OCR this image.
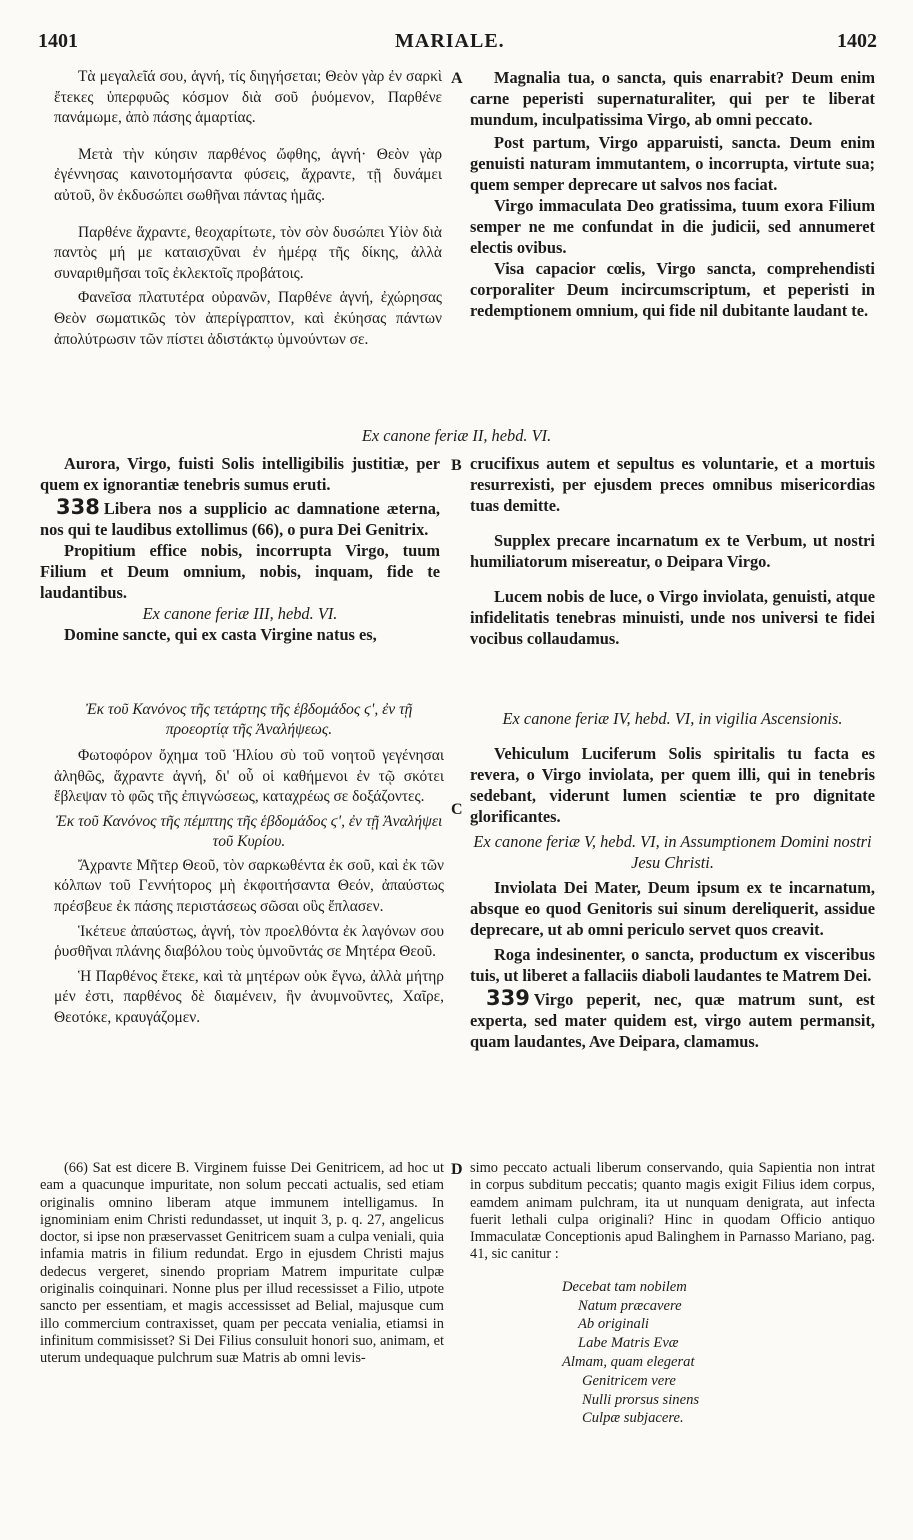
1401	MARIALE.	1402

Τὰ μεγαλεῖά σου, ἁγνή, τίς διηγήσεται; Θεὸν γὰρ ἐν σαρκὶ ἔτεκες ὑπερφυῶς κόσμον διὰ σοῦ ῥυόμενον, Παρθένε πανάμωμε, ἀπὸ πάσης ἁμαρτίας.

Μετὰ τὴν κύησιν παρθένος ὤφθης, ἁγνή· Θεὸν γὰρ ἐγέννησας καινοτομήσαντα φύσεις, ἄχραντε, τῇ δυνάμει αὐτοῦ, ὃν ἐκδυσώπει σωθῆναι πάντας ἡμᾶς.

Παρθένε ἄχραντε, θεοχαρίτωτε, τὸν σὸν δυσώπει Υἱὸν διὰ παντὸς μή με καταισχῦναι ἐν ἡμέρᾳ τῆς δίκης, ἀλλὰ συναριθμῆσαι τοῖς ἐκλεκτοῖς προβάτοις.

Φανεῖσα πλατυτέρα οὐρανῶν, Παρθένε ἁγνή, ἐχώρησας Θεὸν σωματικῶς τὸν ἀπερίγραπτον, καὶ ἐκύησας πάντων ἀπολύτρωσιν τῶν πίστει ἀδιστάκτῳ ὑμνούντων σε.

Magnalia tua, o sancta, quis enarrabit? Deum enim carne peperisti supernaturaliter, qui per te liberat mundum, inculpatissima Virgo, ab omni peccato.

Post partum, Virgo apparuisti, sancta. Deum enim genuisti naturam immutantem, o incorrupta, virtute sua; quem semper deprecare ut salvos nos faciat.

Virgo immaculata Deo gratissima, tuum exora Filium semper ne me confundat in die judicii, sed annumeret electis ovibus.

Visa capacior cœlis, Virgo sancta, comprehendisti corporaliter Deum incircumscriptum, et peperisti in redemptionem omnium, qui fide nil dubitante laudant te.

A
Ex canone feriæ II, hebd. VI.
B

Aurora, Virgo, fuisti Solis intelligibilis justitiæ, per quem ex ignorantiæ tenebris sumus eruti.

338 Libera nos a supplicio ac damnatione æterna, nos qui te laudibus extollimus (66), o pura Dei Genitrix.

Propitium effice nobis, incorrupta Virgo, tuum Filium et Deum omnium, nobis, inquam, fide te laudantibus.

Ex canone feriæ III, hebd. VI.

Domine sancte, qui ex casta Virgine natus es,

crucifixus autem et sepultus es voluntarie, et a mortuis resurrexisti, per ejusdem preces omnibus misericordias tuas demitte.

Supplex precare incarnatum ex te Verbum, ut nostri humiliatorum misereatur, o Deipara Virgo.

Lucem nobis de luce, o Virgo inviolata, genuisti, atque infidelitatis tenebras minuisti, unde nos universi te fidei vocibus collaudamus.

Ἐκ τοῦ Κανόνος τῆς τετάρτης τῆς ἑβδομάδος ϛ', ἐν τῇ προεορτίᾳ τῆς Ἀναλήψεως.

Φωτοφόρον ὄχημα τοῦ Ἡλίου σὺ τοῦ νοητοῦ γεγένησαι ἀληθῶς, ἄχραντε ἁγνή, δι' οὗ οἱ καθήμενοι ἐν τῷ σκότει ἔβλεψαν τὸ φῶς τῆς ἐπιγνώσεως, καταχρέως σε δοξάζοντες.

Ἐκ τοῦ Κανόνος τῆς πέμπτης τῆς ἑβδομάδος ϛ', ἐν τῇ Ἀναλήψει τοῦ Κυρίου.

Ἄχραντε Μῆτερ Θεοῦ, τὸν σαρκωθέντα ἐκ σοῦ, καὶ ἐκ τῶν κόλπων τοῦ Γεννήτορος μὴ ἐκφοιτήσαντα Θεόν, ἀπαύστως πρέσβευε ἐκ πάσης περιστάσεως σῶσαι οὓς ἔπλασεν.

Ἱκέτευε ἀπαύστως, ἁγνή, τὸν προελθόντα ἐκ λαγόνων σου ῥυσθῆναι πλάνης διαβόλου τοὺς ὑμνοῦντάς σε Μητέρα Θεοῦ.

Ἡ Παρθένος ἔτεκε, καὶ τὰ μητέρων οὐκ ἔγνω, ἀλλὰ μήτηρ μέν ἐστι, παρθένος δὲ διαμένειν, ἣν ἀνυμνοῦντες, Χαῖρε, Θεοτόκε, κραυγάζομεν.

Ex canone feriæ IV, hebd. VI, in vigilia Ascensionis.

Vehiculum Luciferum Solis spiritalis tu facta es revera, o Virgo inviolata, per quem illi, qui in tenebris sedebant, viderunt lumen scientiæ te pro dignitate glorificantes.

Ex canone feriæ V, hebd. VI, in Assumptionem Domini nostri Jesu Christi.

Inviolata Dei Mater, Deum ipsum ex te incarnatum, absque eo quod Genitoris sui sinum dereliquerit, assidue deprecare, ut ab omni periculo servet quos creavit.

Roga indesinenter, o sancta, productum ex visceribus tuis, ut liberet a fallaciis diaboli laudantes te Matrem Dei.

339 Virgo peperit, nec, quæ matrum sunt, est experta, sed mater quidem est, virgo autem permansit, quam laudantes, Ave Deipara, clamamus.

C
D

(66) Sat est dicere B. Virginem fuisse Dei Genitricem, ad hoc ut eam a quacunque impuritate, non solum peccati actualis, sed etiam originalis omnino liberam atque immunem intelligamus. In ignominiam enim Christi redundasset, ut inquit 3, p. q. 27, angelicus doctor, si ipse non præservasset Genitricem suam a culpa veniali, quia infamia matris in filium redundat. Ergo in ejusdem Christi majus dedecus vergeret, sinendo propriam Matrem impuritate culpæ originalis coinquinari. Nonne plus per illud recessisset a Filio, utpote sancto per essentiam, et magis accessisset ad Belial, majusque cum illo commercium contraxisset, quam per peccata venialia, etiamsi in infinitum commisisset? Si Dei Filius consuluit honori suo, animam, et uterum undequaque pulchrum suæ Matris ab omni levis-

simo peccato actuali liberum conservando, quia Sapientia non intrat in corpus subditum peccatis; quanto magis exigit Filius idem corpus, eamdem animam pulchram, ita ut nunquam denigrata, aut infecta fuerit lethali culpa originali? Hinc in quodam Officio antiquo Immaculatæ Conceptionis apud Balinghem in Parnasso Mariano, pag. 41, sic canitur :

Decebat tam nobilem
Natum præcavere
Ab originali
Labe Matris Evæ
Almam, quam elegerat
Genitricem vere
Nulli prorsus sinens
Culpæ subjacere.
